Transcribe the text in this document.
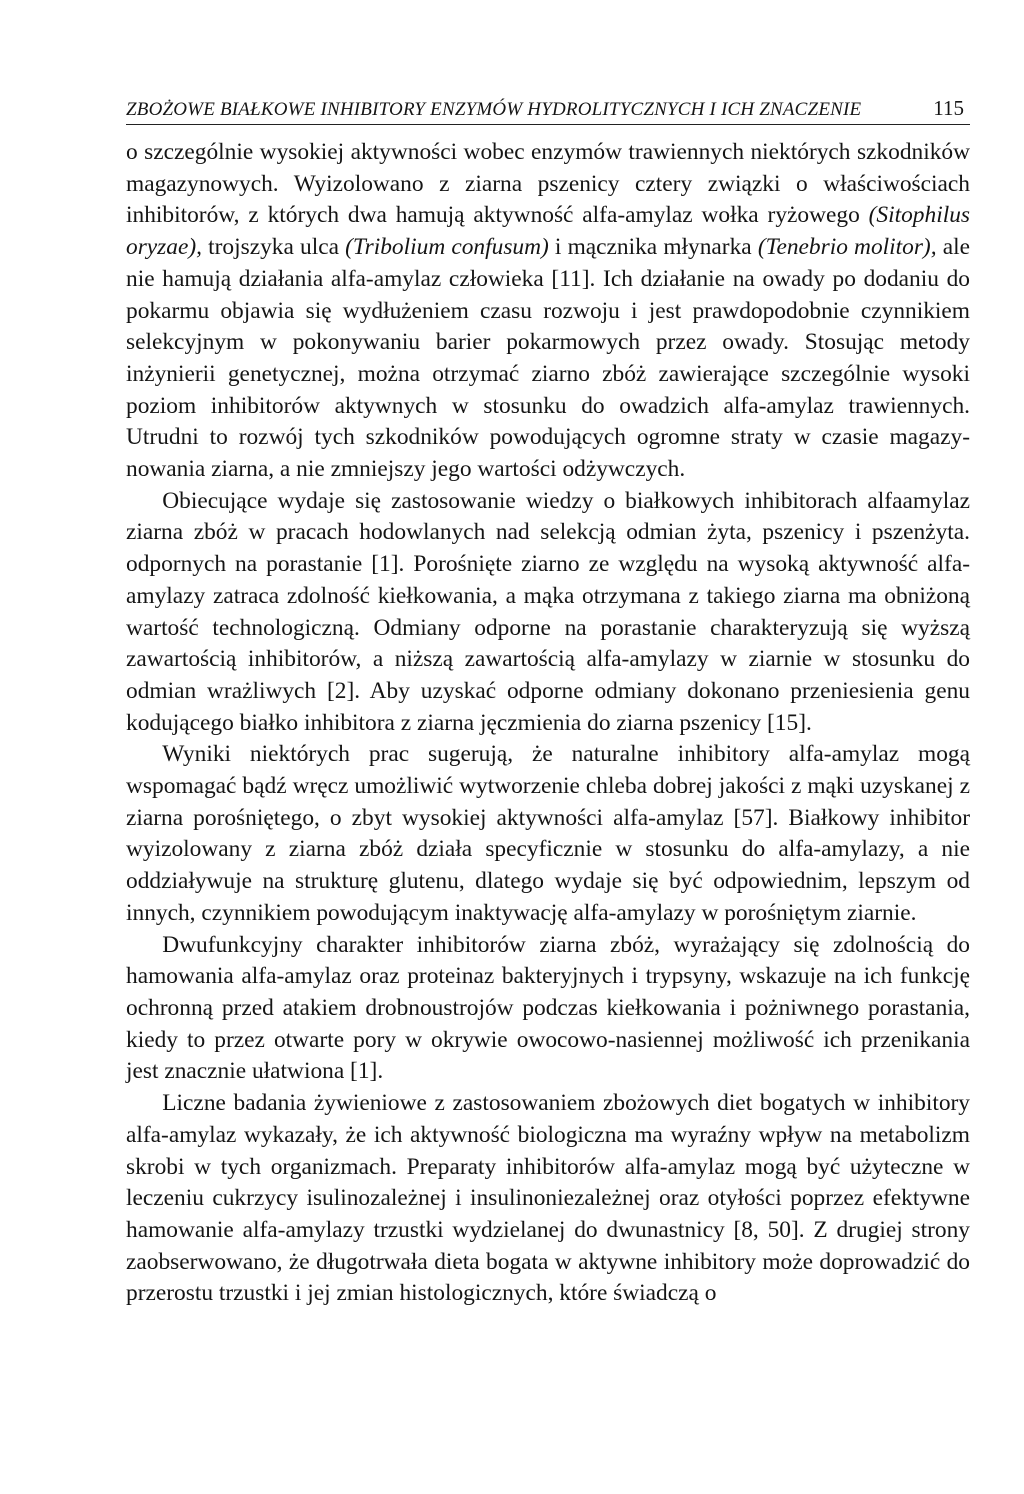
ZBOŻOWE BIAŁKOWE INHIBITORY ENZYMÓW HYDROLITYCZNYCH I ICH ZNACZENIE	115

o szczególnie wysokiej aktywności wobec enzymów trawiennych niektórych szkodników magazynowych. Wyizolowano z ziarna pszenicy cztery związki o właściwościach inhibitorów, z których dwa hamują aktywność alfa-amylaz wołka ryżowego (Sitophilus oryzae), trojszyka ulca (Tribolium confusum) i mącznika młynarka (Tenebrio molitor), ale nie hamują działania alfa-amylaz człowieka [11]. Ich działanie na owady po dodaniu do pokarmu objawia się wydłużeniem czasu rozwoju i jest prawdopodobnie czynnikiem selekcyjnym w pokonywaniu barier pokarmowych przez owady. Stosując metody inżynierii genetycznej, można otrzymać ziarno zbóż zawierające szczególnie wysoki poziom inhibitorów aktywnych w stosunku do owadzich alfa-amylaz trawiennych. Utrudni to rozwój tych szkodników powodujących ogromne straty w czasie magazynowania ziarna, a nie zmniejszy jego wartości odżywczych.

Obiecujące wydaje się zastosowanie wiedzy o białkowych inhibitorach alfaamylaz ziarna zbóż w pracach hodowlanych nad selekcją odmian żyta, pszenicy i pszenżyta. odpornych na porastanie [1]. Porośnięte ziarno ze względu na wysoką aktywność alfa-amylazy zatraca zdolność kiełkowania, a mąka otrzymana z takiego ziarna ma obniżoną wartość technologiczną. Odmiany odporne na porastanie charakteryzują się wyższą zawartością inhibitorów, a niższą zawartością alfa-amylazy w ziarnie w stosunku do odmian wrażliwych [2]. Aby uzyskać odporne odmiany dokonano przeniesienia genu kodującego białko inhibitora z ziarna jęczmienia do ziarna pszenicy [15].

Wyniki niektórych prac sugerują, że naturalne inhibitory alfa-amylaz mogą wspomagać bądź wręcz umożliwić wytworzenie chleba dobrej jakości z mąki uzyskanej z ziarna porośniętego, o zbyt wysokiej aktywności alfa-amylaz [57]. Białkowy inhibitor wyizolowany z ziarna zbóż działa specyficznie w stosunku do alfa-amylazy, a nie oddziaływuje na strukturę glutenu, dlatego wydaje się być odpowiednim, lepszym od innych, czynnikiem powodującym inaktywację alfa-amylazy w porośniętym ziarnie.

Dwufunkcyjny charakter inhibitorów ziarna zbóż, wyrażający się zdolnością do hamowania alfa-amylaz oraz proteinaz bakteryjnych i trypsyny, wskazuje na ich funkcję ochronną przed atakiem drobnoustrojów podczas kiełkowania i pożniwnego porastania, kiedy to przez otwarte pory w okrywie owocowo-nasiennej możliwość ich przenikania jest znacznie ułatwiona [1].

Liczne badania żywieniowe z zastosowaniem zbożowych diet bogatych w inhibitory alfa-amylaz wykazały, że ich aktywność biologiczna ma wyraźny wpływ na metabolizm skrobi w tych organizmach. Preparaty inhibitorów alfa-amylaz mogą być użyteczne w leczeniu cukrzycy isulinozależnej i insulinoniezależnej oraz otyłości poprzez efektywne hamowanie alfa-amylazy trzustki wydzielanej do dwunastnicy [8, 50]. Z drugiej strony zaobserwowano, że długotrwała dieta bogata w aktywne inhibitory może doprowadzić do przerostu trzustki i jej zmian histologicznych, które świadczą o
